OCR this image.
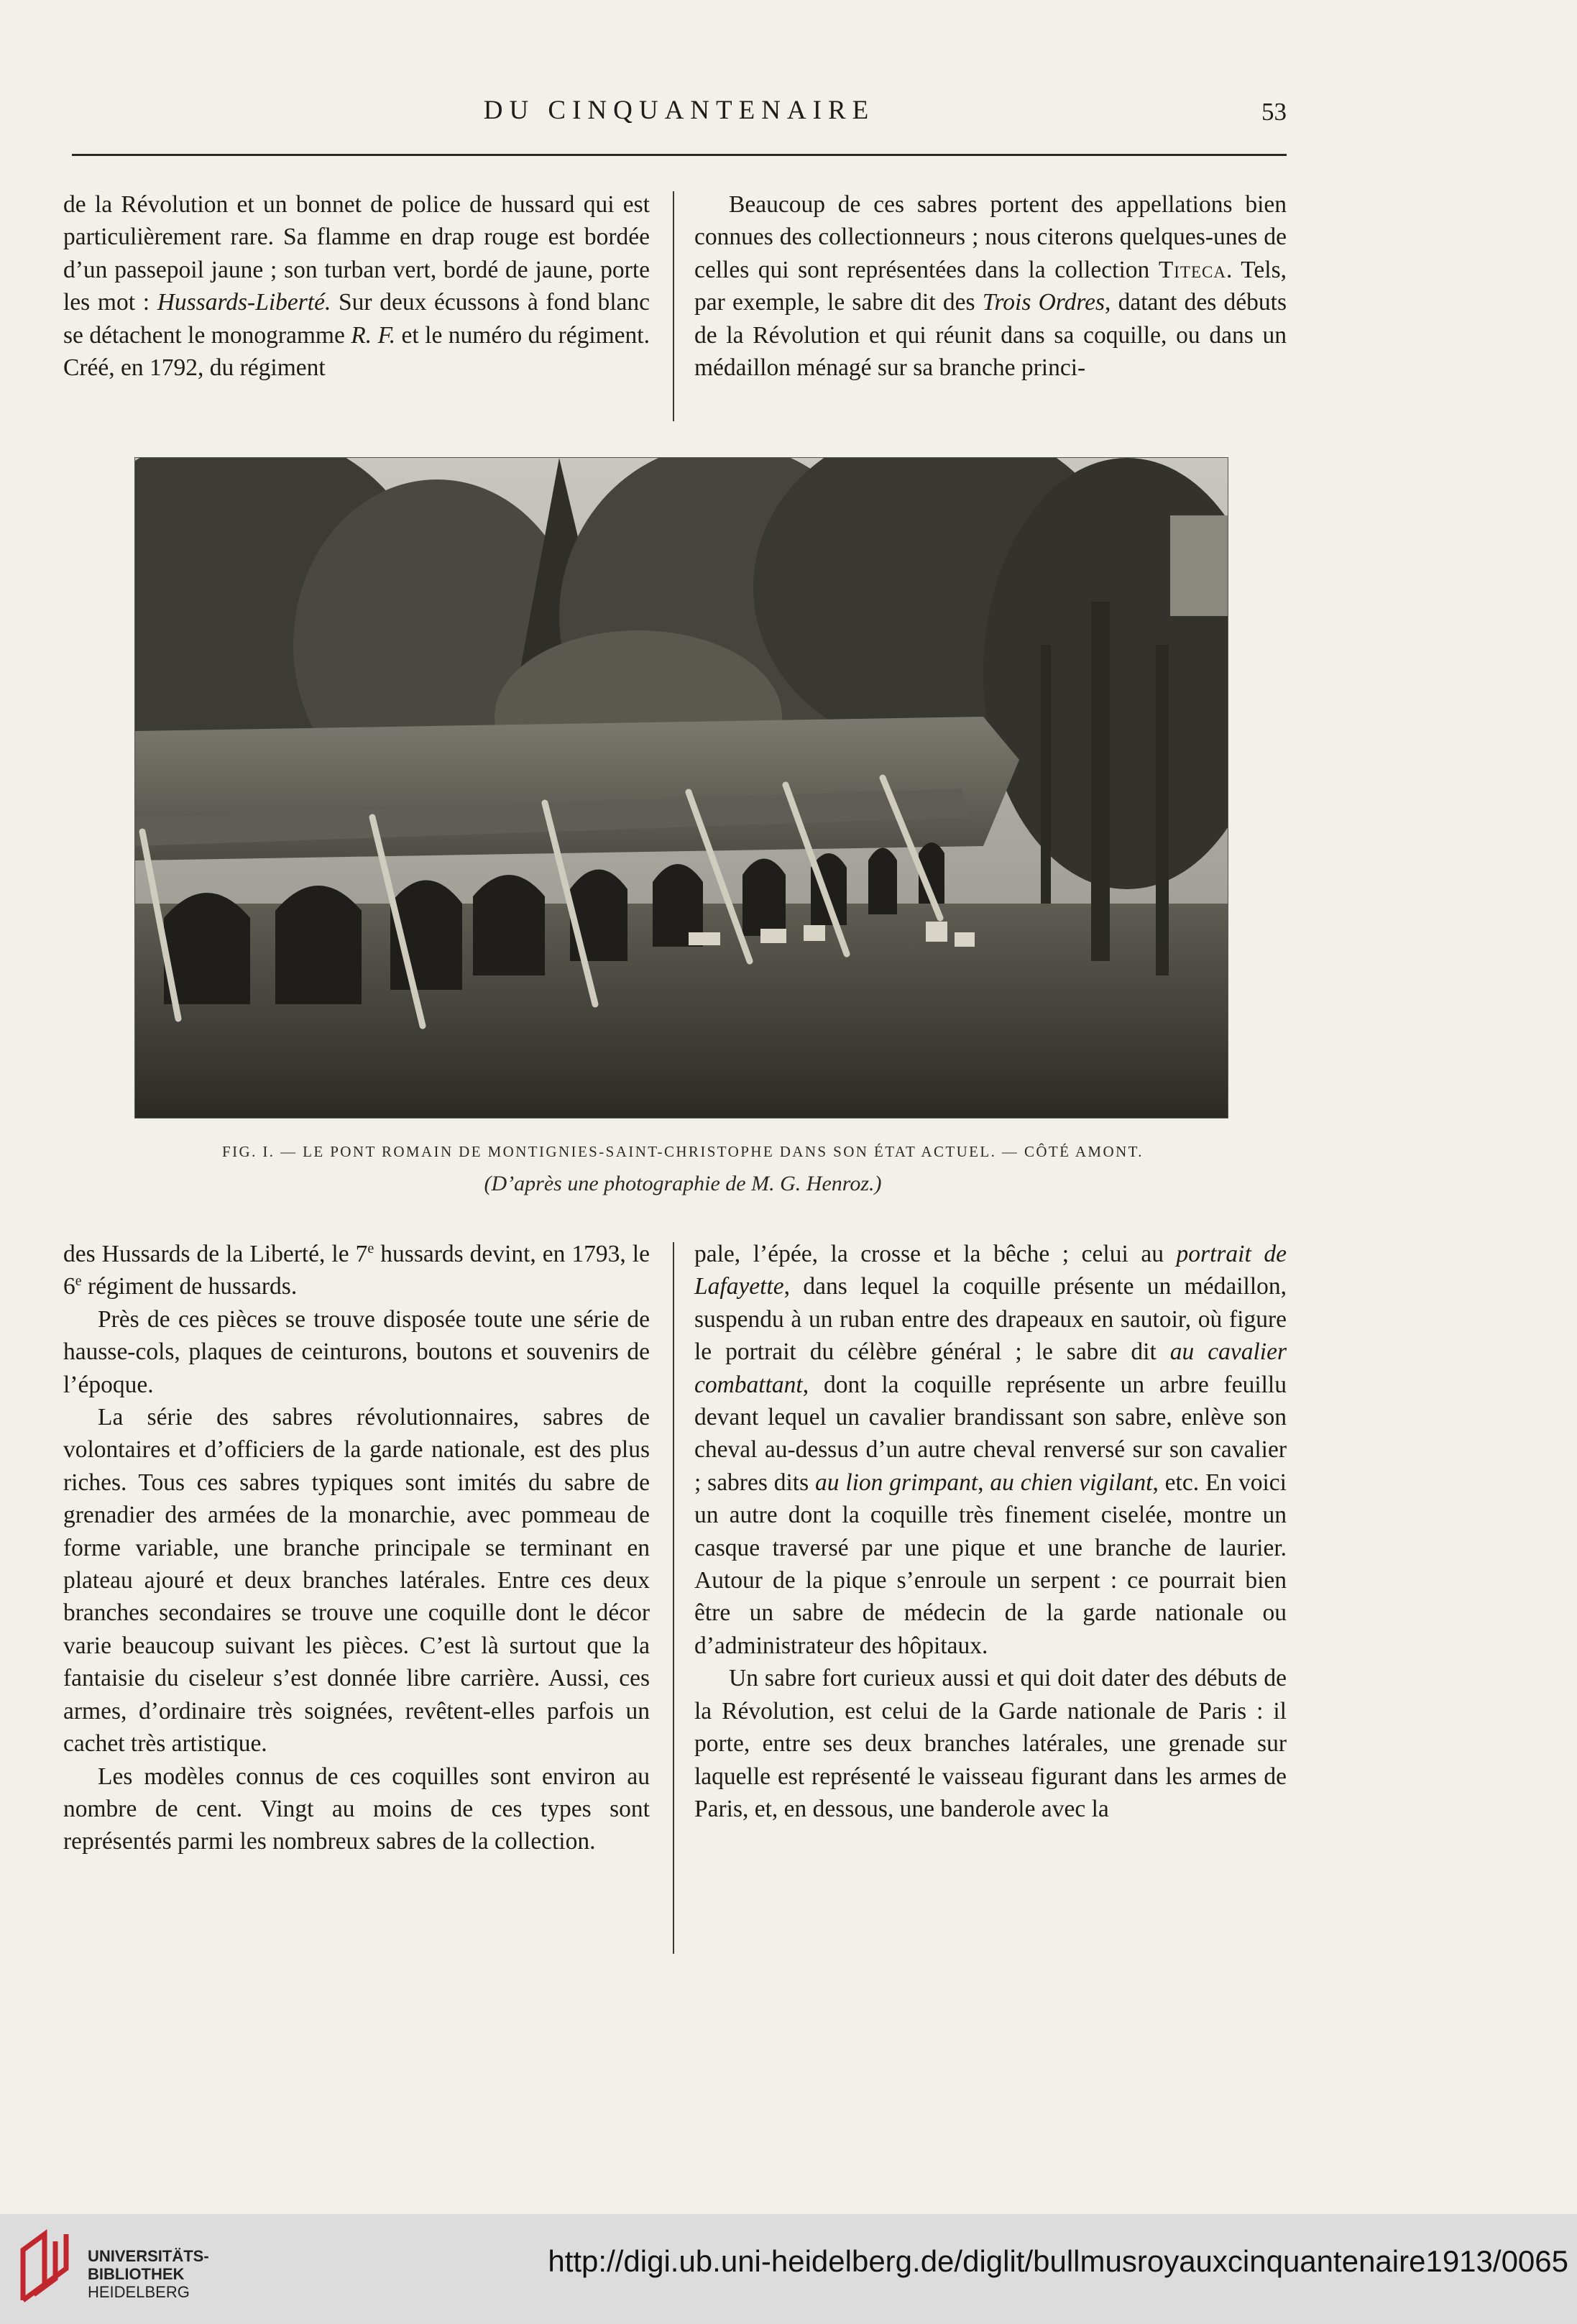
DU CINQUANTENAIRE	53

de la Révolution et un bonnet de police de hussard qui est particulièrement rare. Sa flamme en drap rouge est bordée d’un passepoil jaune ; son turban vert, bordé de jaune, porte les mot : Hussards-Liberté. Sur deux écussons à fond blanc se détachent le monogramme R. F. et le numéro du régiment. Créé, en 1792, du régiment

Beaucoup de ces sabres portent des appellations bien connues des collectionneurs ; nous citerons quelques-unes de celles qui sont représentées dans la collection Titeca. Tels, par exemple, le sabre dit des Trois Ordres, datant des débuts de la Révolution et qui réunit dans sa coquille, ou dans un médaillon ménagé sur sa branche princi-

FIG. I. — LE PONT ROMAIN DE MONTIGNIES-SAINT-CHRISTOPHE DANS SON ÉTAT ACTUEL. — CÔTÉ AMONT.
(D’après une photographie de M. G. Henroz.)

des Hussards de la Liberté, le 7e hussards devint, en 1793, le 6e régiment de hussards.

Près de ces pièces se trouve disposée toute une série de hausse-cols, plaques de ceinturons, boutons et souvenirs de l’époque.

La série des sabres révolutionnaires, sabres de volontaires et d’officiers de la garde nationale, est des plus riches. Tous ces sabres typiques sont imités du sabre de grenadier des armées de la monarchie, avec pommeau de forme variable, une branche principale se terminant en plateau ajouré et deux branches latérales. Entre ces deux branches secondaires se trouve une coquille dont le décor varie beaucoup suivant les pièces. C’est là surtout que la fantaisie du ciseleur s’est donnée libre carrière. Aussi, ces armes, d’ordinaire très soignées, revêtent-elles parfois un cachet très artistique.

Les modèles connus de ces coquilles sont environ au nombre de cent. Vingt au moins de ces types sont représentés parmi les nombreux sabres de la collection.

pale, l’épée, la crosse et la bêche ; celui au portrait de Lafayette, dans lequel la coquille présente un médaillon, suspendu à un ruban entre des drapeaux en sautoir, où figure le portrait du célèbre général ; le sabre dit au cavalier combattant, dont la coquille représente un arbre feuillu devant lequel un cavalier brandissant son sabre, enlève son cheval au-dessus d’un autre cheval renversé sur son cavalier ; sabres dits au lion grimpant, au chien vigilant, etc. En voici un autre dont la coquille très finement ciselée, montre un casque traversé par une pique et une branche de laurier. Autour de la pique s’enroule un serpent : ce pourrait bien être un sabre de médecin de la garde nationale ou d’administrateur des hôpitaux.

Un sabre fort curieux aussi et qui doit dater des débuts de la Révolution, est celui de la Garde nationale de Paris : il porte, entre ses deux branches latérales, une grenade sur laquelle est représenté le vaisseau figurant dans les armes de Paris, et, en dessous, une banderole avec la

UNIVERSITÄTS-
BIBLIOTHEK
HEIDELBERG
http://digi.ub.uni-heidelberg.de/diglit/bullmusroyauxcinquantenaire1913/0065
